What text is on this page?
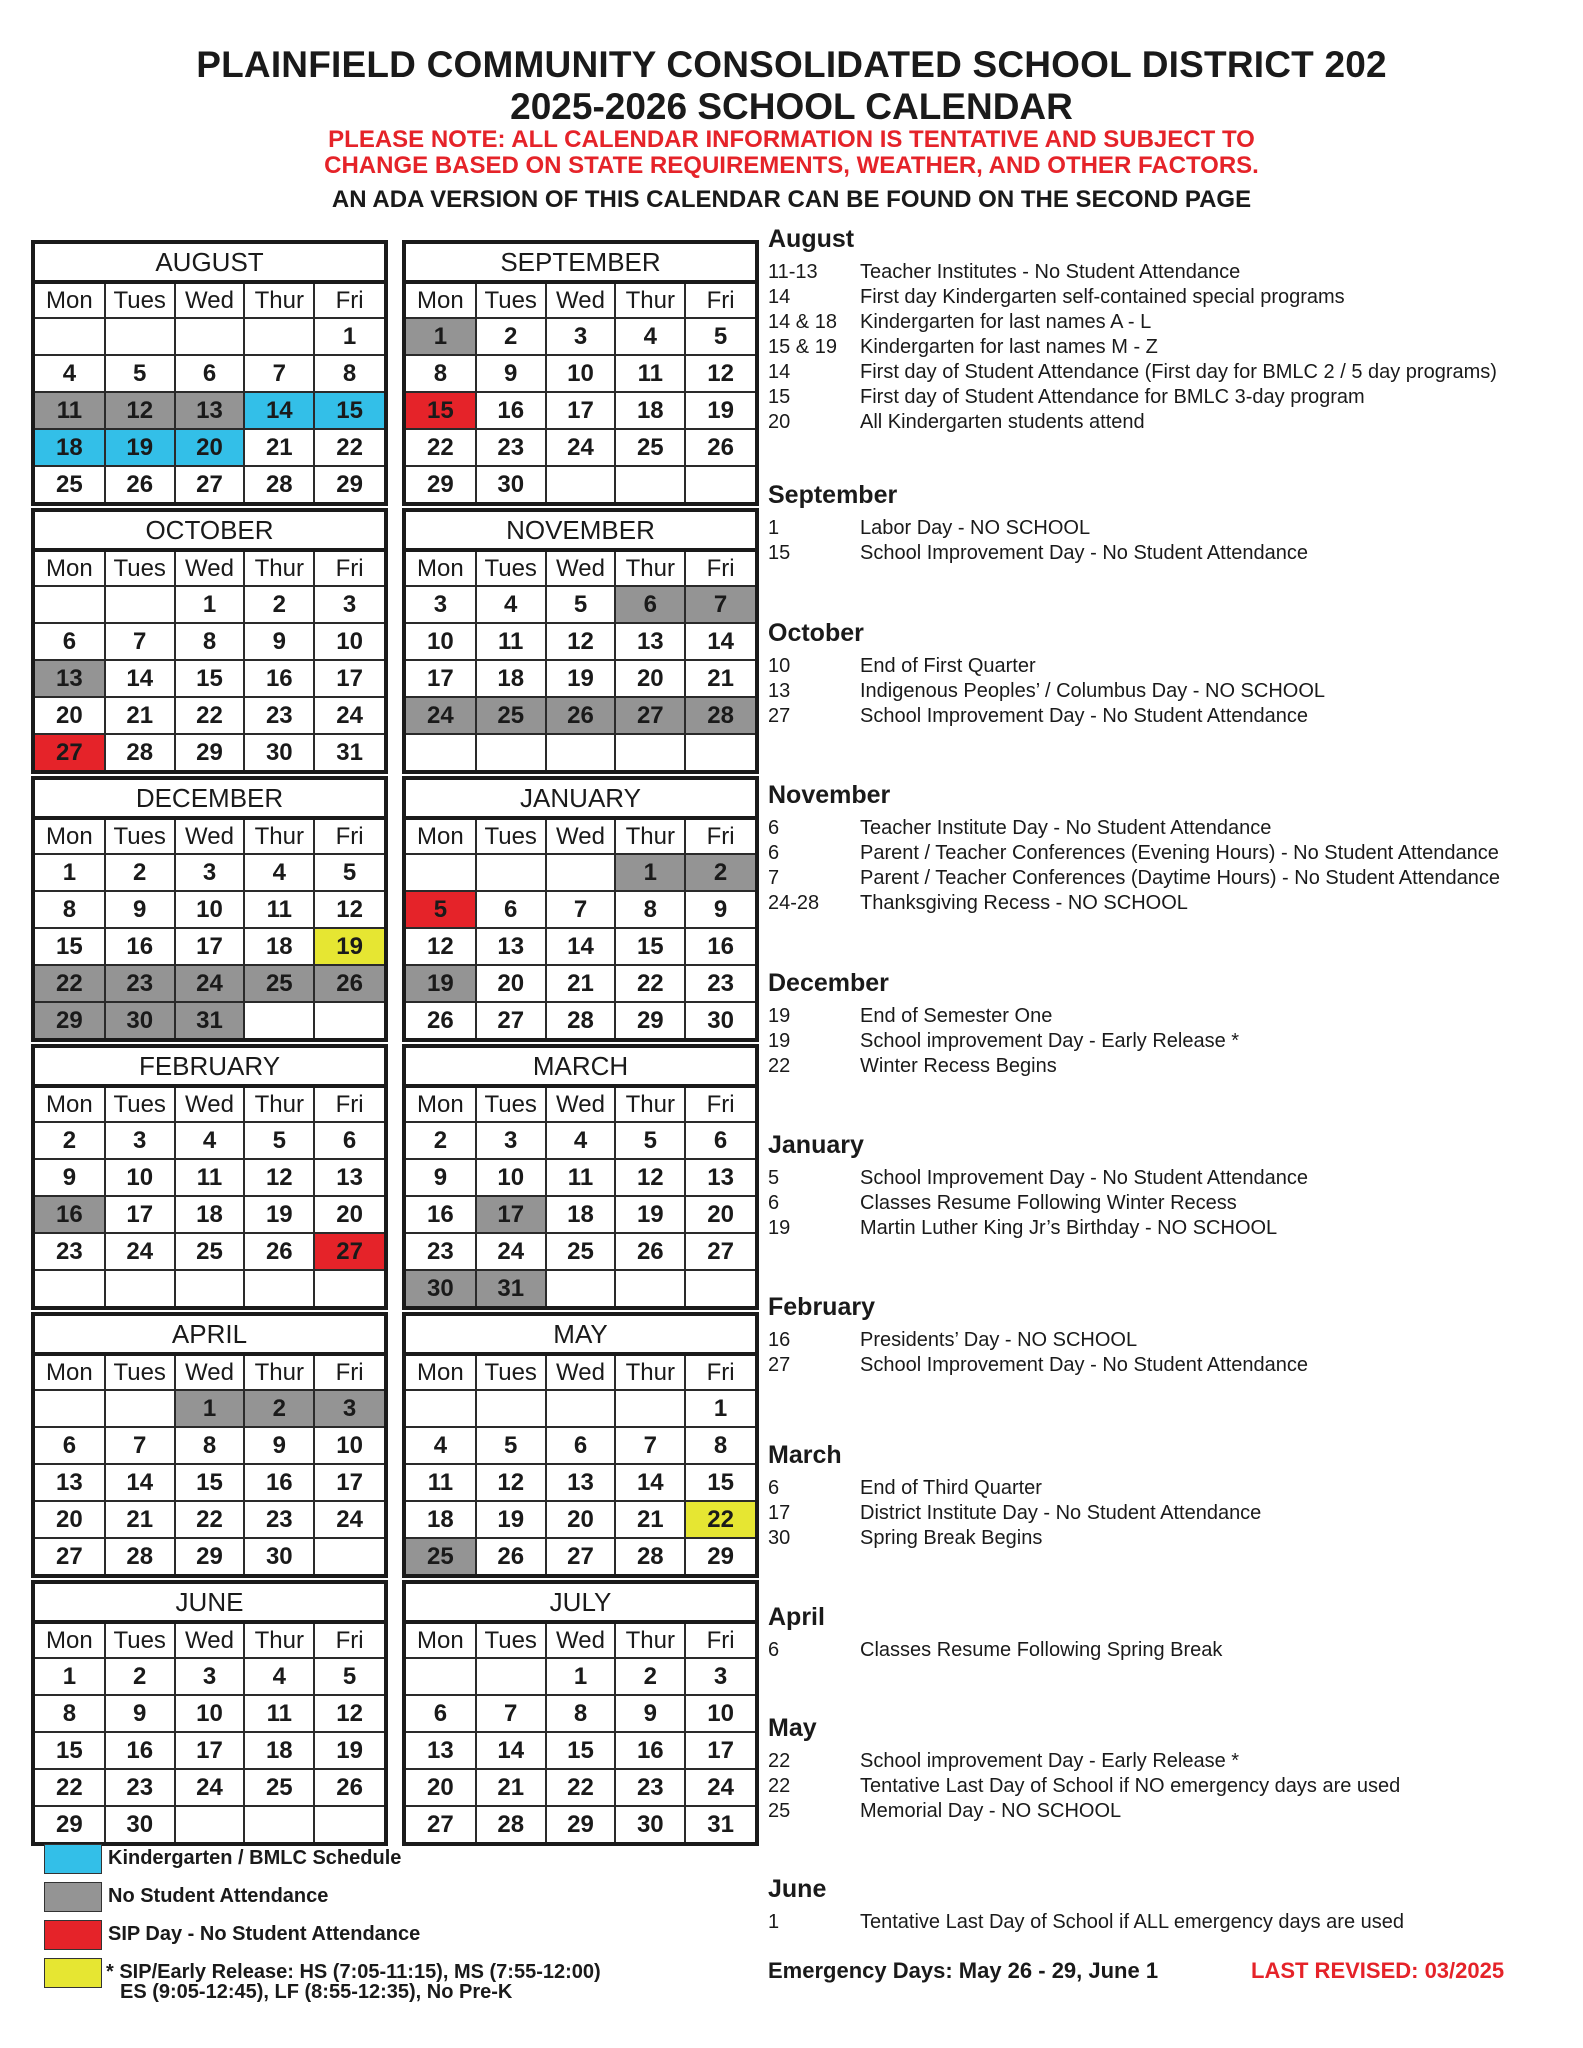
PLAINFIELD COMMUNITY CONSOLIDATED SCHOOL DISTRICT 202
2025-2026 SCHOOL CALENDAR
PLEASE NOTE: ALL CALENDAR INFORMATION IS TENTATIVE AND SUBJECT TO
CHANGE BASED ON STATE REQUIREMENTS, WEATHER, AND OTHER FACTORS.
AN ADA VERSION OF THIS CALENDAR CAN BE FOUND ON THE SECOND PAGE
AUGUST
Mon	Tues	Wed	Thur	Fri
				1
4	5	6	7	8
11	12	13	14	15
18	19	20	21	22
25	26	27	28	29
SEPTEMBER
Mon	Tues	Wed	Thur	Fri
1	2	3	4	5
8	9	10	11	12
15	16	17	18	19
22	23	24	25	26
29	30			
OCTOBER
Mon	Tues	Wed	Thur	Fri
		1	2	3
6	7	8	9	10
13	14	15	16	17
20	21	22	23	24
27	28	29	30	31
NOVEMBER
Mon	Tues	Wed	Thur	Fri
3	4	5	6	7
10	11	12	13	14
17	18	19	20	21
24	25	26	27	28

DECEMBER
Mon	Tues	Wed	Thur	Fri
1	2	3	4	5
8	9	10	11	12
15	16	17	18	19
22	23	24	25	26
29	30	31		
JANUARY
Mon	Tues	Wed	Thur	Fri
			1	2
5	6	7	8	9
12	13	14	15	16
19	20	21	22	23
26	27	28	29	30
FEBRUARY
Mon	Tues	Wed	Thur	Fri
2	3	4	5	6
9	10	11	12	13
16	17	18	19	20
23	24	25	26	27

MARCH
Mon	Tues	Wed	Thur	Fri
2	3	4	5	6
9	10	11	12	13
16	17	18	19	20
23	24	25	26	27
30	31			
APRIL
Mon	Tues	Wed	Thur	Fri
		1	2	3
6	7	8	9	10
13	14	15	16	17
20	21	22	23	24
27	28	29	30	
MAY
Mon	Tues	Wed	Thur	Fri
				1
4	5	6	7	8
11	12	13	14	15
18	19	20	21	22
25	26	27	28	29
JUNE
Mon	Tues	Wed	Thur	Fri
1	2	3	4	5
8	9	10	11	12
15	16	17	18	19
22	23	24	25	26
29	30			
JULY
Mon	Tues	Wed	Thur	Fri
		1	2	3
6	7	8	9	10
13	14	15	16	17
20	21	22	23	24
27	28	29	30	31
Kindergarten / BMLC Schedule
No Student Attendance
SIP Day - No Student Attendance
* SIP/Early Release: HS (7:05-11:15), MS (7:55-12:00)
ES (9:05-12:45), LF (8:55-12:35), No Pre-K
August
11-13 Teacher Institutes - No Student Attendance
14	First day Kindergarten self-contained special programs
14 & 18 Kindergarten for last names A - L
15 & 19 Kindergarten for last names M - Z
14	First day of Student Attendance (First day for BMLC 2 / 5 day programs)
15	First day of Student Attendance for BMLC 3-day program
20	All Kindergarten students attend
September
1	Labor Day - NO SCHOOL
15	School Improvement Day - No Student Attendance
October
10	End of First Quarter
13	Indigenous Peoples’ / Columbus Day - NO SCHOOL
27	School Improvement Day - No Student Attendance
November
6	Teacher Institute Day - No Student Attendance
6	Parent / Teacher Conferences (Evening Hours) - No Student Attendance
7	Parent / Teacher Conferences (Daytime Hours) - No Student Attendance
24-28 Thanksgiving Recess - NO SCHOOL
December
19	End of Semester One
19	School improvement Day - Early Release *
22	Winter Recess Begins
January
5	School Improvement Day - No Student Attendance
6	Classes Resume Following Winter Recess
19	Martin Luther King Jr’s Birthday - NO SCHOOL
February
16	Presidents’ Day - NO SCHOOL
27	School Improvement Day - No Student Attendance
March
6	End of Third Quarter
17	District Institute Day - No Student Attendance
30	Spring Break Begins
April
6	Classes Resume Following Spring Break
May
22	School improvement Day - Early Release *
22	Tentative Last Day of School if NO emergency days are used
25	Memorial Day - NO SCHOOL
June
1	Tentative Last Day of School if ALL emergency days are used
Emergency Days: May 26 - 29, June 1	LAST REVISED: 03/2025
